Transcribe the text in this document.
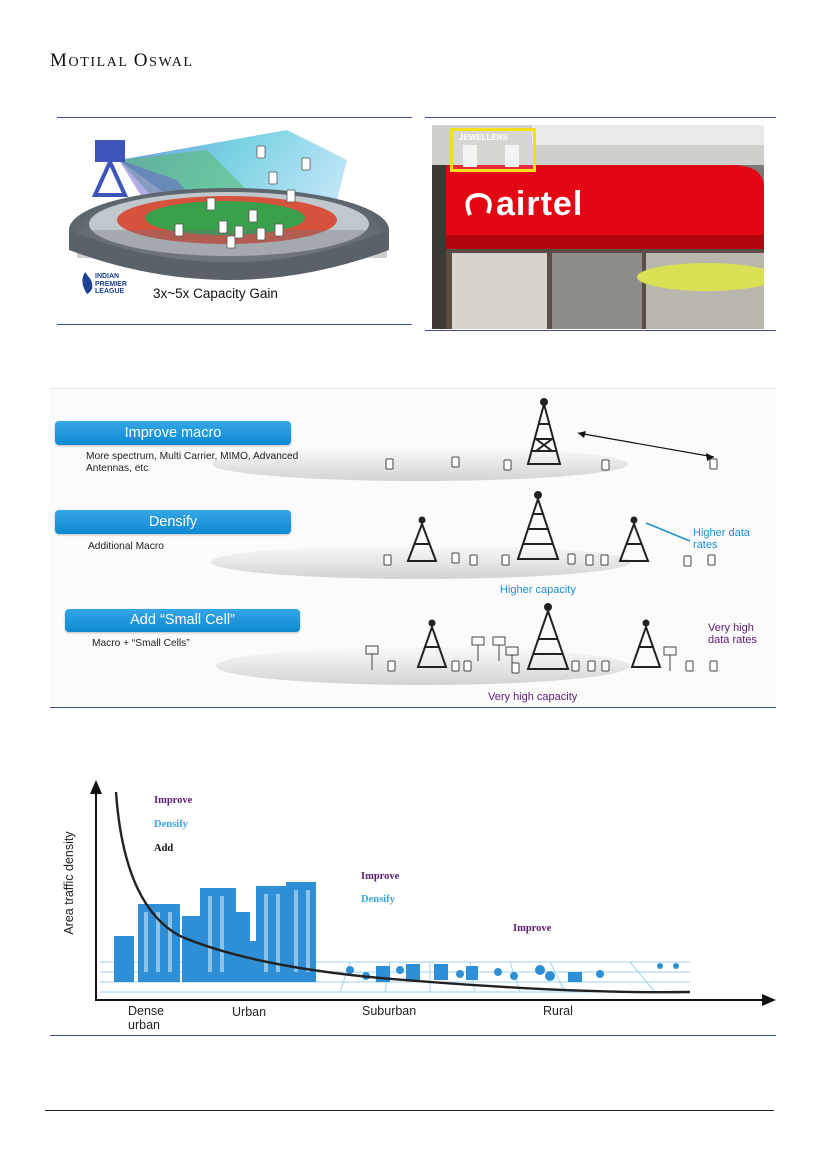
MOTILAL OSWAL
INDIAN PREMIER LEAGUE	3x~5x Capacity Gain
airtel
JEWELLERS
Improve macro
More spectrum, Multi Carrier, MIMO, Advanced Antennas, etc
Densify
Additional Macro
Higher data rates
Higher capacity
Add “Small Cell”
Macro + “Small Cells”
Very high data rates
Very high capacity
Area traffic density
Improve
Densify
Add
Improve
Densify
Improve
Dense urban
Urban	Suburban	Rural
